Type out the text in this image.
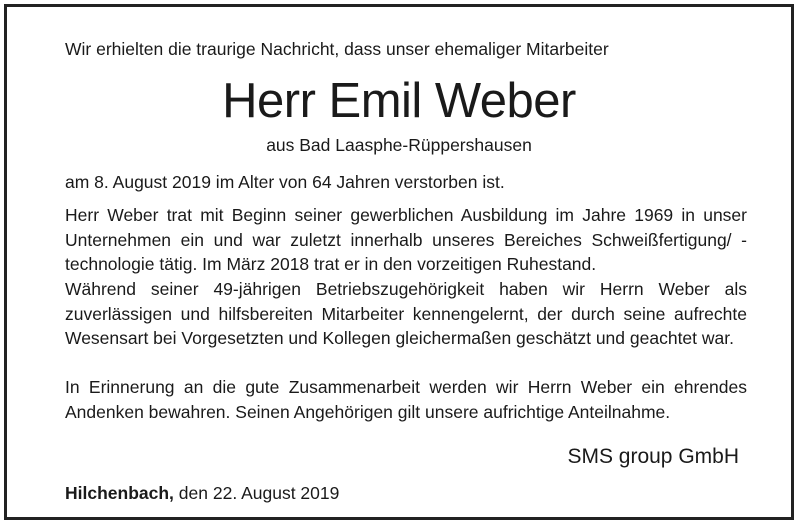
Wir erhielten die traurige Nachricht, dass unser ehemaliger Mitarbeiter
Herr Emil Weber
aus Bad Laasphe-Rüppershausen
am 8. August 2019 im Alter von 64 Jahren verstorben ist.
Herr Weber trat mit Beginn seiner gewerblichen Ausbildung im Jahre 1969 in unser Unternehmen ein und war zuletzt innerhalb unseres Bereiches Schweißfertigung/ -technologie tätig. Im März 2018 trat er in den vorzeitigen Ruhestand.
Während seiner 49-jährigen Betriebszugehörigkeit haben wir Herrn Weber als zuverlässigen und hilfsbereiten Mitarbeiter kennengelernt, der durch seine aufrechte Wesensart bei Vorgesetzten und Kollegen gleichermaßen geschätzt und geachtet war.
In Erinnerung an die gute Zusammenarbeit werden wir Herrn Weber ein ehrendes Andenken bewahren. Seinen Angehörigen gilt unsere aufrichtige Anteilnahme.
SMS group GmbH
Hilchenbach, den 22. August 2019
